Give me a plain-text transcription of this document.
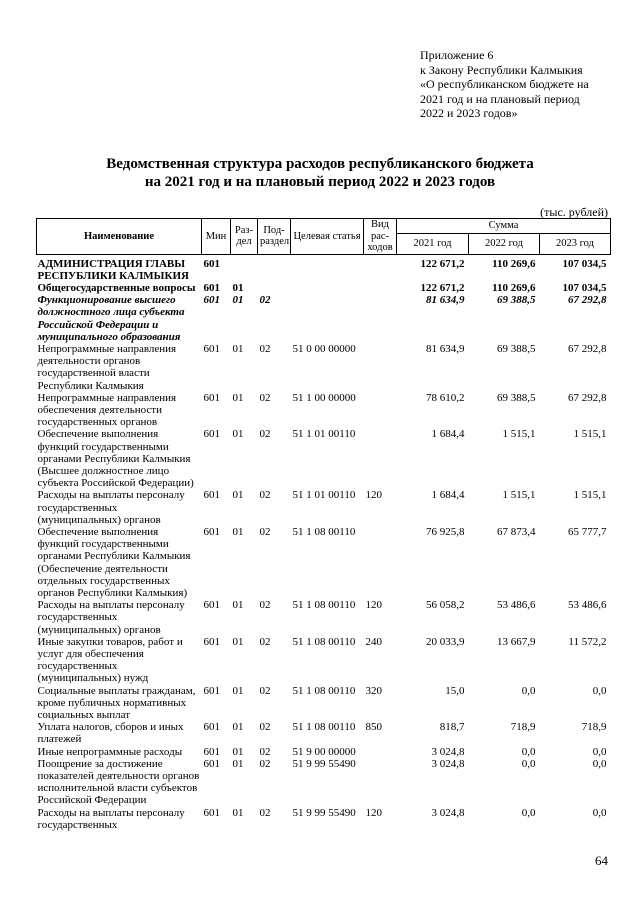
Приложение 6
к Закону Республики Калмыкия
«О республиканском бюджете на
2021 год и на плановый период
2022 и 2023 годов»
Ведомственная структура расходов республиканского бюджета
на 2021 год и на плановый период 2022 и 2023 годов
(тыс. рублей)
Наименование	Мин	Раз-дел	Под-раздел	Целевая статья	Вид рас-ходов	Сумма		
						2021 год	2022 год	2023 год
АДМИНИСТРАЦИЯ ГЛАВЫ РЕСПУБЛИКИ КАЛМЫКИЯ	601					122 671,2	110 269,6	107 034,5
Общегосударственные вопросы	601	01				122 671,2	110 269,6	107 034,5
Функционирование высшего должностного лица субъекта Российской Федерации и муниципального образования	601	01	02			81 634,9	69 388,5	67 292,8
Непрограммные направления деятельности органов государственной власти Республики Калмыкия	601	01	02	51 0 00 00000		81 634,9	69 388,5	67 292,8
Непрограммные направления обеспечения деятельности государственных органов	601	01	02	51 1 00 00000		78 610,2	69 388,5	67 292,8
Обеспечение выполнения функций государственными органами Республики Калмыкия (Высшее должностное лицо субъекта Российской Федерации)	601	01	02	51 1 01 00110		1 684,4	1 515,1	1 515,1
Расходы на выплаты персоналу государственных (муниципальных) органов	601	01	02	51 1 01 00110	120	1 684,4	1 515,1	1 515,1
Обеспечение выполнения функций государственными органами Республики Калмыкия (Обеспечение деятельности отдельных государственных органов Республики Калмыкия)	601	01	02	51 1 08 00110		76 925,8	67 873,4	65 777,7
Расходы на выплаты персоналу государственных (муниципальных) органов	601	01	02	51 1 08 00110	120	56 058,2	53 486,6	53 486,6
Иные закупки товаров, работ и услуг для обеспечения государственных (муниципальных) нужд	601	01	02	51 1 08 00110	240	20 033,9	13 667,9	11 572,2
Социальные выплаты гражданам, кроме публичных нормативных социальных выплат	601	01	02	51 1 08 00110	320	15,0	0,0	0,0
Уплата налогов, сборов и иных платежей	601	01	02	51 1 08 00110	850	818,7	718,9	718,9
Иные непрограммные расходы	601	01	02	51 9 00 00000		3 024,8	0,0	0,0
Поощрение за достижение показателей деятельности органов исполнительной власти субъектов Российской Федерации	601	01	02	51 9 99 55490		3 024,8	0,0	0,0
Расходы на выплаты персоналу государственных	601	01	02	51 9 99 55490	120	3 024,8	0,0	0,0
64
